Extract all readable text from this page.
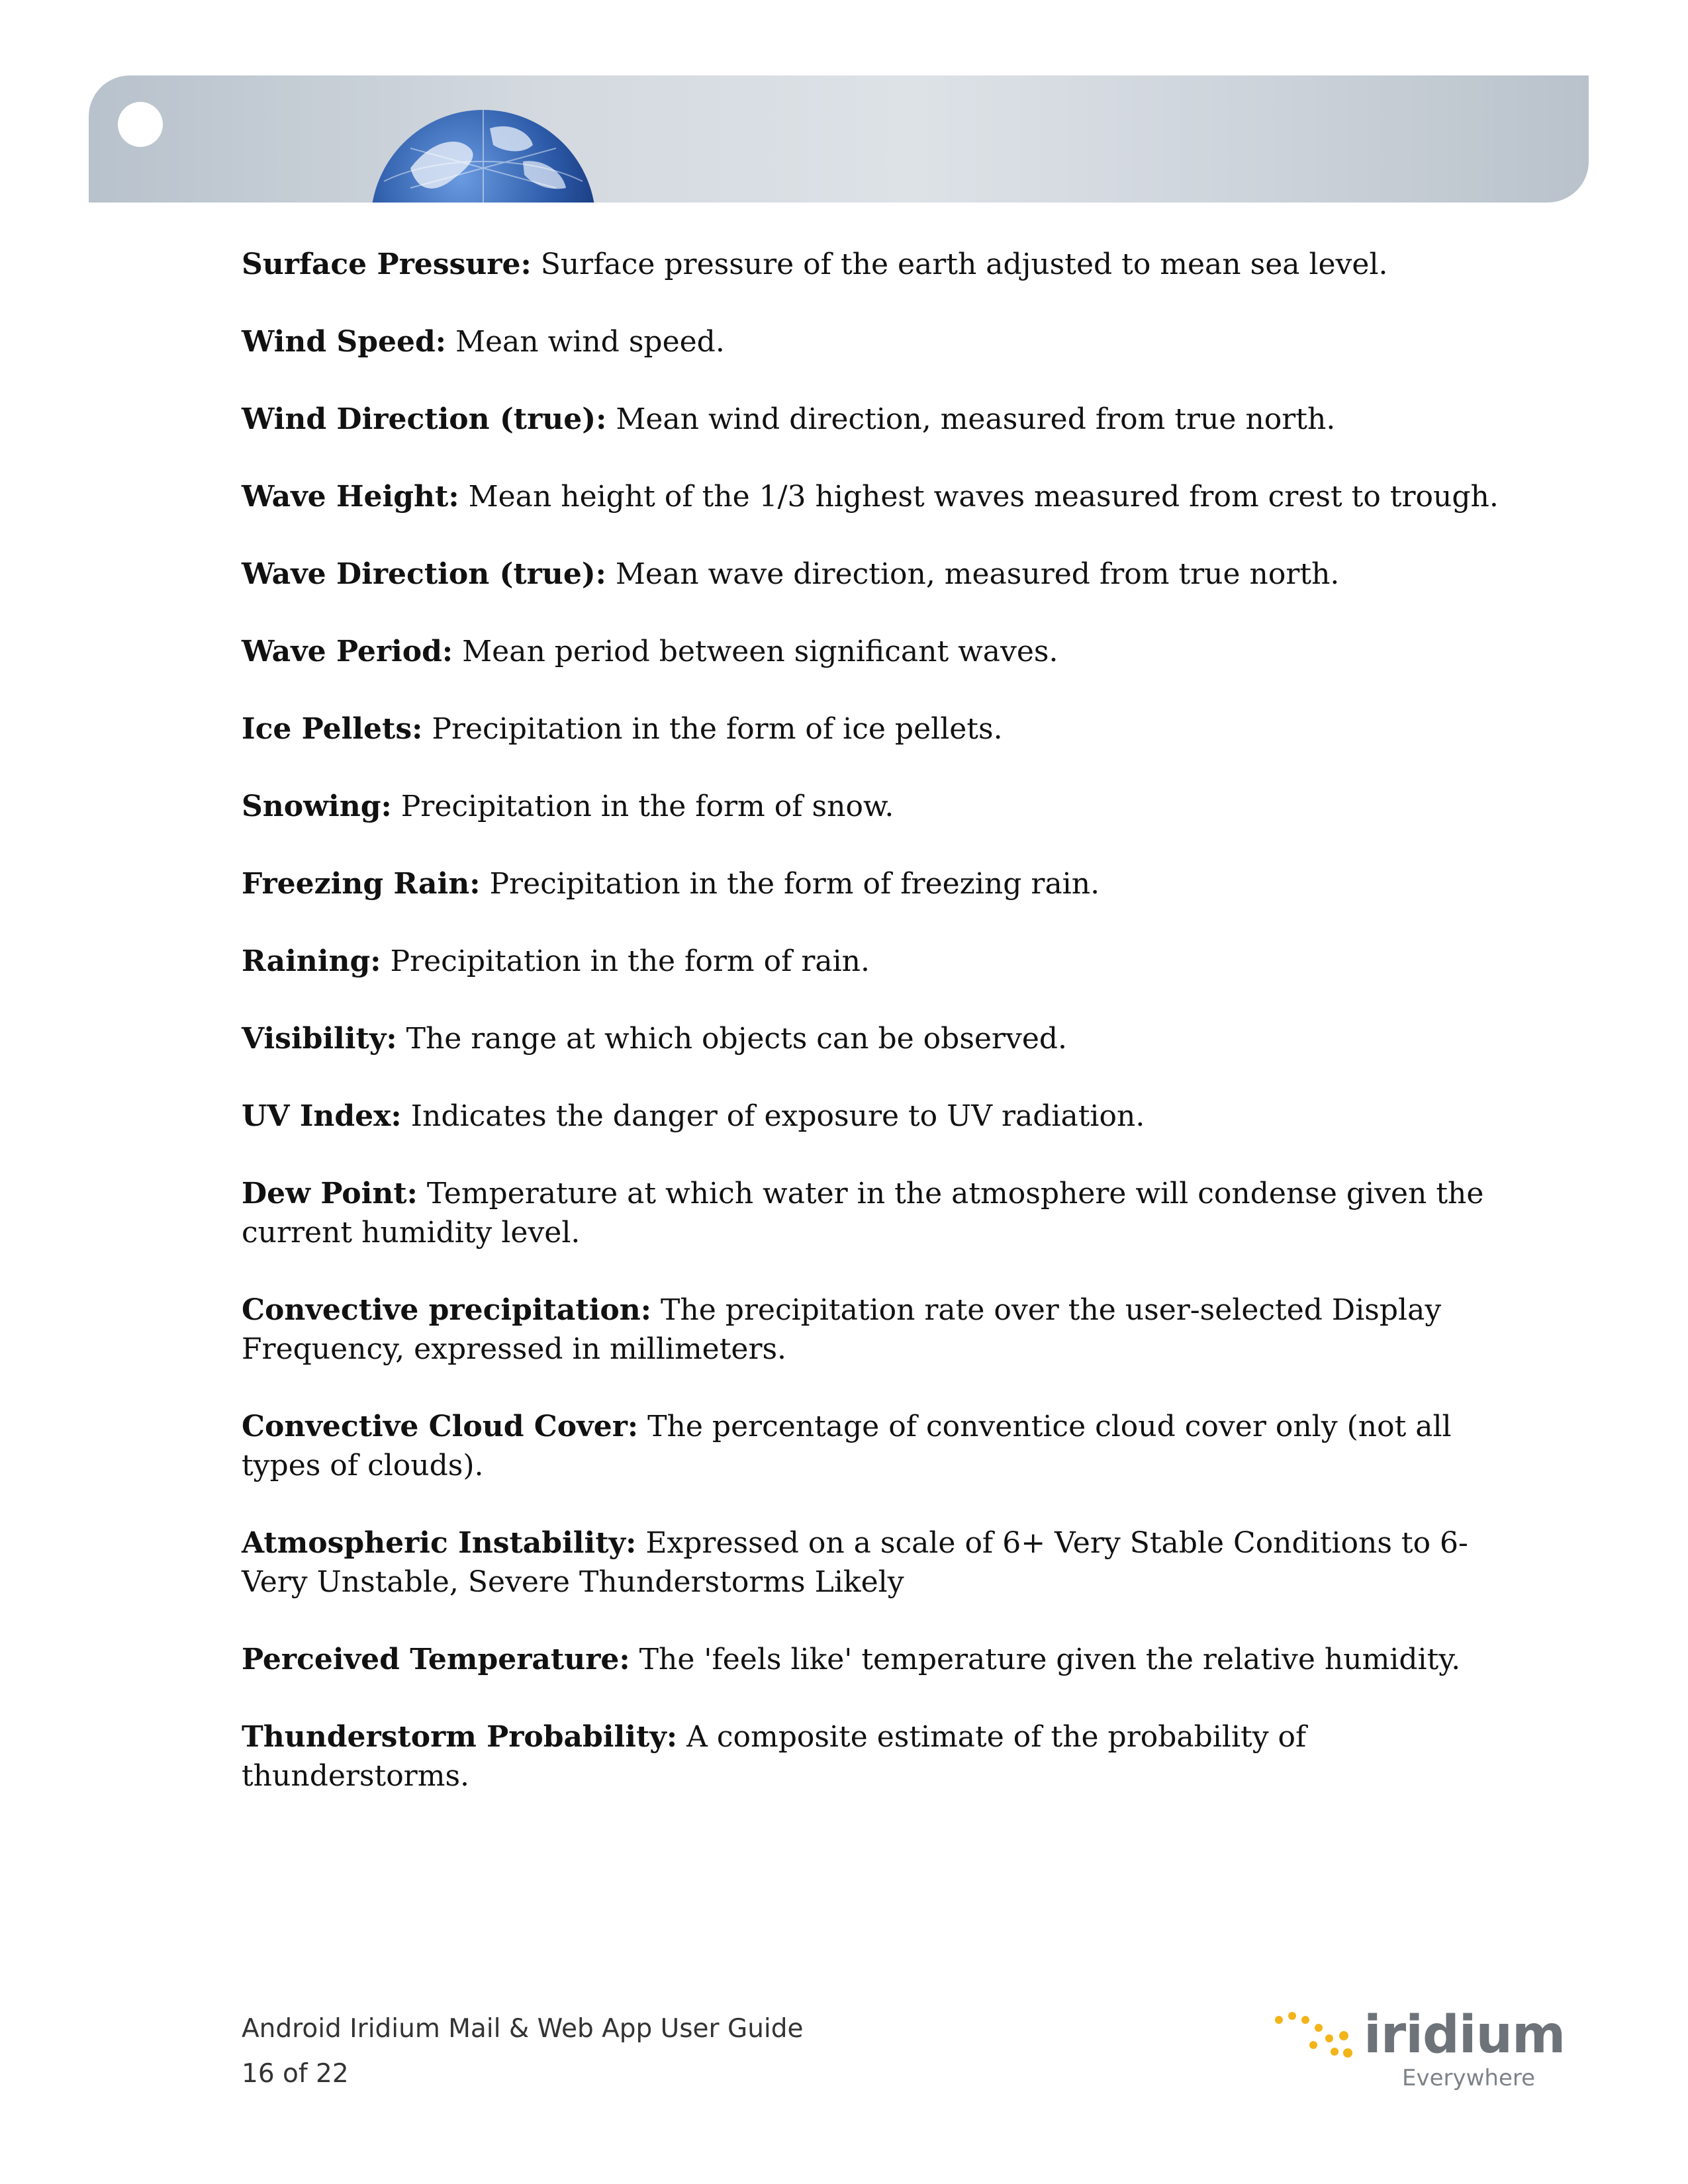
Surface Pressure: Surface pressure of the earth adjusted to mean sea level.

Wind Speed: Mean wind speed.

Wind Direction (true): Mean wind direction, measured from true north.

Wave Height: Mean height of the 1/3 highest waves measured from crest to trough.

Wave Direction (true): Mean wave direction, measured from true north.

Wave Period: Mean period between significant waves.

Ice Pellets: Precipitation in the form of ice pellets.

Snowing: Precipitation in the form of snow.

Freezing Rain: Precipitation in the form of freezing rain.

Raining: Precipitation in the form of rain.

Visibility: The range at which objects can be observed.

UV Index: Indicates the danger of exposure to UV radiation.

Dew Point: Temperature at which water in the atmosphere will condense given the current humidity level.

Convective precipitation: The precipitation rate over the user-selected Display Frequency, expressed in millimeters.

Convective Cloud Cover: The percentage of conventice cloud cover only (not all types of clouds).

Atmospheric Instability: Expressed on a scale of 6+ Very Stable Conditions to 6- Very Unstable, Severe Thunderstorms Likely

Perceived Temperature: The 'feels like' temperature given the relative humidity.

Thunderstorm Probability: A composite estimate of the probability of thunderstorms.

Android Iridium Mail & Web App User Guide
16 of 22
iridium
Everywhere
